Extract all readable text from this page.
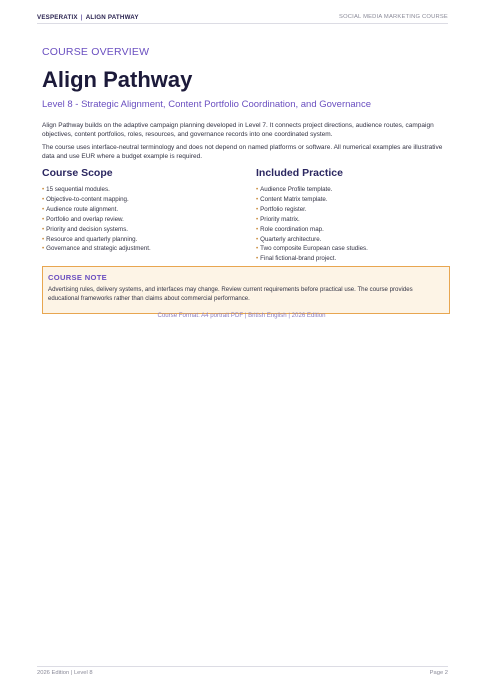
VESPERATIX | ALIGN PATHWAY	SOCIAL MEDIA MARKETING COURSE
COURSE OVERVIEW
Align Pathway
Level 8 - Strategic Alignment, Content Portfolio Coordination, and Governance

Align Pathway builds on the adaptive campaign planning developed in Level 7. It connects project directions, audience routes, campaign objectives, content portfolios, roles, resources, and governance records into one coordinated system.

The course uses interface-neutral terminology and does not depend on named platforms or software. All numerical examples are illustrative data and use EUR where a budget example is required.

Course Scope
• 15 sequential modules.
• Objective-to-content mapping.
• Audience route alignment.
• Portfolio and overlap review.
• Priority and decision systems.
• Resource and quarterly planning.
• Governance and strategic adjustment.
Included Practice
• Audience Profile template.
• Content Matrix template.
• Portfolio register.
• Priority matrix.
• Role coordination map.
• Quarterly architecture.
• Two composite European case studies.
• Final fictional-brand project.
COURSE NOTE
Advertising rules, delivery systems, and interfaces may change. Review current requirements before practical use. The course provides educational frameworks rather than claims about commercial performance.
Course Format: A4 portrait PDF | British English | 2026 Edition
2026 Edition | Level 8	Page 2
